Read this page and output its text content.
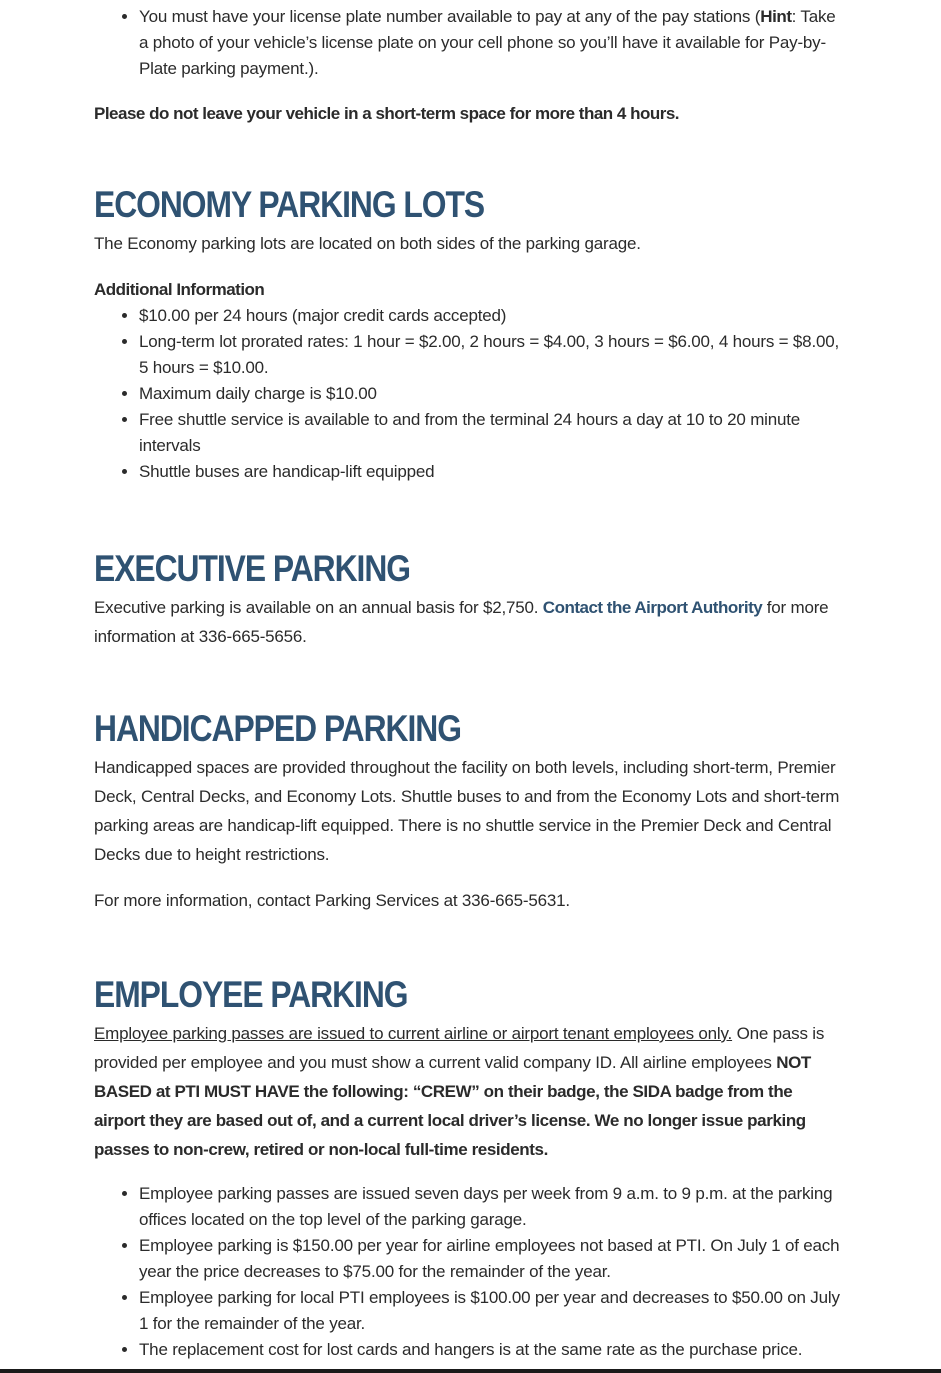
•
• You must have your license plate number available to pay at any of the pay stations (Hint: Take a photo of your vehicle’s license plate on your cell phone so you’ll have it available for Pay-by-Plate parking payment.).

Please do not leave your vehicle in a short-term space for more than 4 hours.

ECONOMY PARKING LOTS

The Economy parking lots are located on both sides of the parking garage.

Additional Information

• $10.00 per 24 hours (major credit cards accepted)
• Long-term lot prorated rates: 1 hour = $2.00, 2 hours = $4.00, 3 hours = $6.00, 4 hours = $8.00, 5 hours = $10.00.
• Maximum daily charge is $10.00
• Free shuttle service is available to and from the terminal 24 hours a day at 10 to 20 minute intervals
• Shuttle buses are handicap-lift equipped
EXECUTIVE PARKING

Executive parking is available on an annual basis for $2,750. Contact the Airport Authority for more information at 336-665-5656.

HANDICAPPED PARKING

Handicapped spaces are provided throughout the facility on both levels, including short-term, Premier Deck, Central Decks, and Economy Lots. Shuttle buses to and from the Economy Lots and short-term parking areas are handicap-lift equipped. There is no shuttle service in the Premier Deck and Central Decks due to height restrictions.

For more information, contact Parking Services at 336-665-5631.

EMPLOYEE PARKING

Employee parking passes are issued to current airline or airport tenant employees only. One pass is provided per employee and you must show a current valid company ID. All airline employees NOT BASED at PTI MUST HAVE the following: “CREW” on their badge, the SIDA badge from the airport they are based out of, and a current local driver’s license. We no longer issue parking passes to non-crew, retired or non-local full-time residents.

• Employee parking passes are issued seven days per week from 9 a.m. to 9 p.m. at the parking offices located on the top level of the parking garage.
• Employee parking is $150.00 per year for airline employees not based at PTI. On July 1 of each year the price decreases to $75.00 for the remainder of the year.
• Employee parking for local PTI employees is $100.00 per year and decreases to $50.00 on July 1 for the remainder of the year.
• The replacement cost for lost cards and hangers is at the same rate as the purchase price.
